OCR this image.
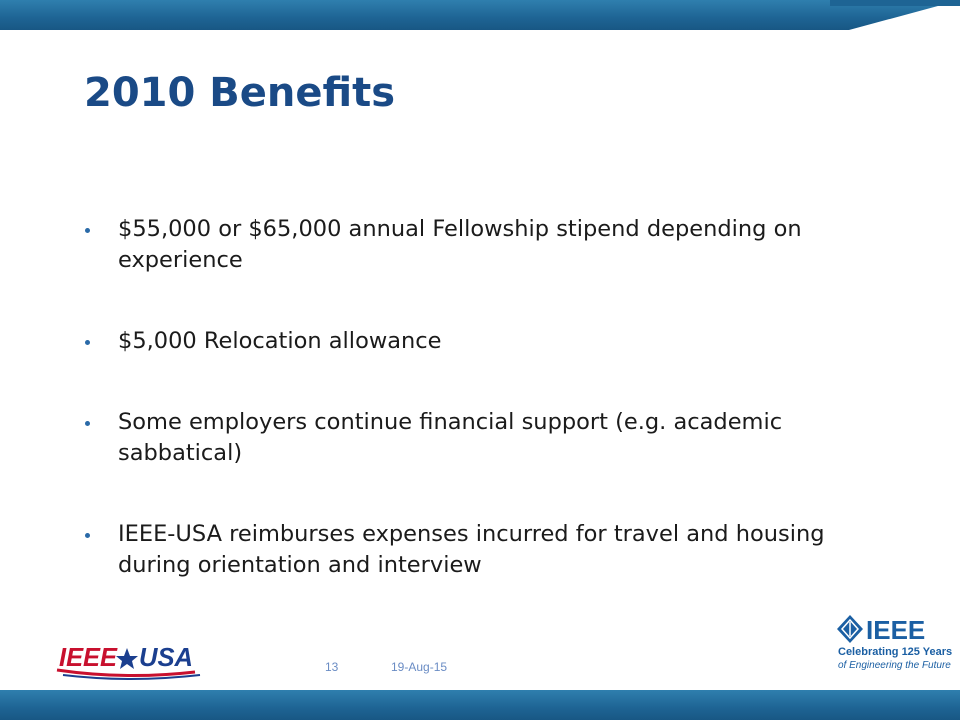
2010 Benefits
$55,000 or $65,000 annual Fellowship stipend depending on experience
$5,000 Relocation allowance
Some employers continue financial support (e.g. academic sabbatical)
IEEE-USA reimburses expenses incurred for travel and housing during orientation and interview
IEEE USA	13	19-Aug-15
IEEE
Celebrating 125 Years
of Engineering the Future
